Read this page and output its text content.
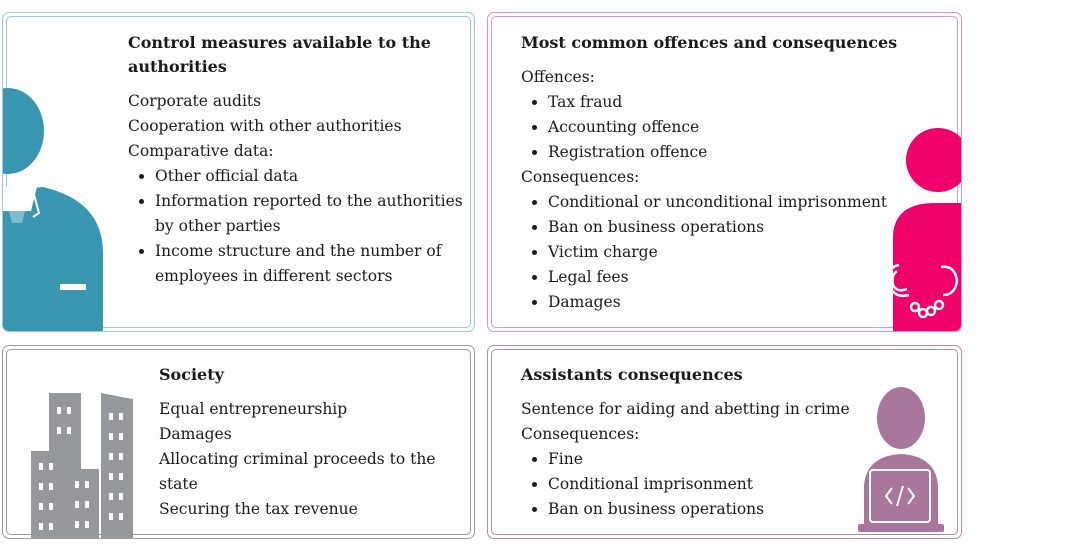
Control measures available to the authorities
Corporate audits
Cooperation with other authorities
Comparative data:
• Other official data
• Information reported to the authorities by other parties
• Income structure and the number of employees in different sectors
Most common offences and consequences
Offences:
• Tax fraud
• Accounting offence
• Registration offence
Consequences:
• Conditional or unconditional imprisonment
• Ban on business operations
• Victim charge
• Legal fees
• Damages
Society
Equal entrepreneurship
Damages
Allocating criminal proceeds to the state
Securing the tax revenue
Assistants consequences
Sentence for aiding and abetting in crime
Consequences:
• Fine
• Conditional imprisonment
• Ban on business operations
